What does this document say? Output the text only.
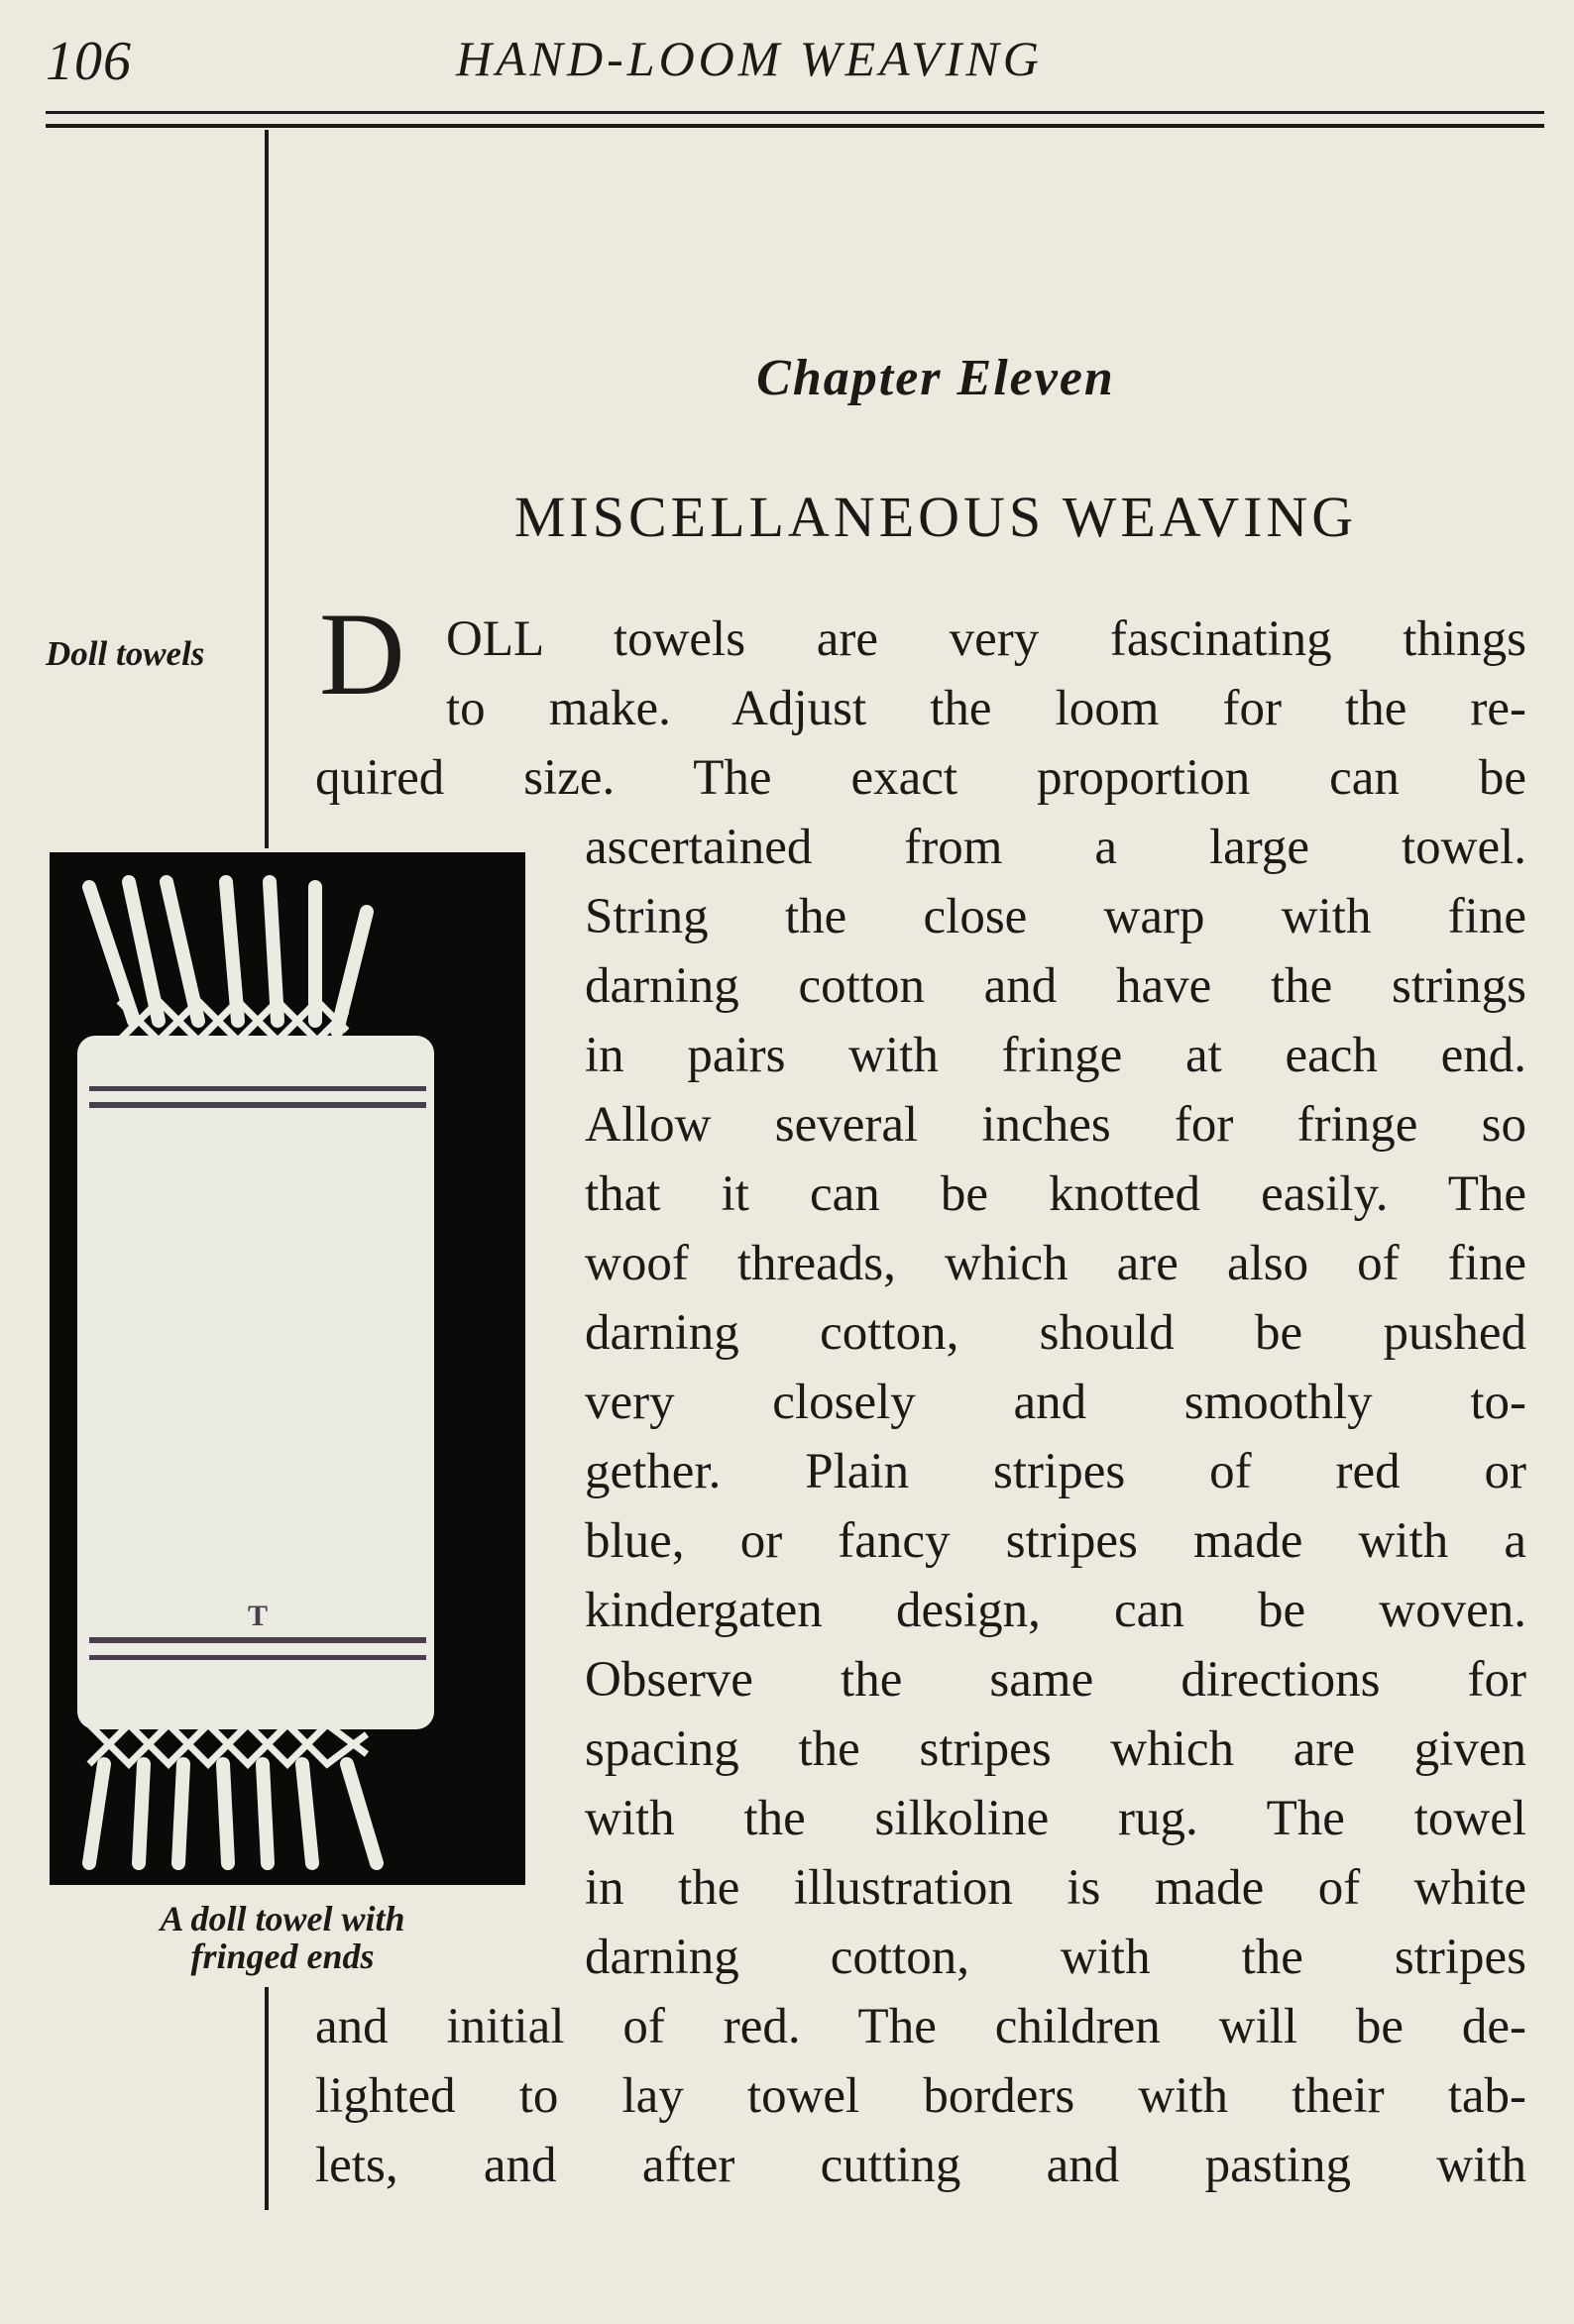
106	HAND-LOOM WEAVING
Chapter Eleven
MISCELLANEOUS WEAVING
Doll towels D OLL towels are very fascinating things
to make. Adjust the loom for the re-
quired size. The exact proportion can be
ascertained from a large towel.
String the close warp with fine
darning cotton and have the strings
in pairs with fringe at each end.
Allow several inches for fringe so
that it can be knotted easily. The
woof threads, which are also of fine
darning cotton, should be pushed
very closely and smoothly to-
gether. Plain stripes of red or
blue, or fancy stripes made with a
kindergaten design, can be woven.
Observe the same directions for
spacing the stripes which are given
with the silkoline rug. The towel
in the illustration is made of white
darning cotton, with the stripes
and initial of red. The children will be de-
lighted to lay towel borders with their tab-
lets, and after cutting and pasting with
T
A doll towel with
fringed ends
